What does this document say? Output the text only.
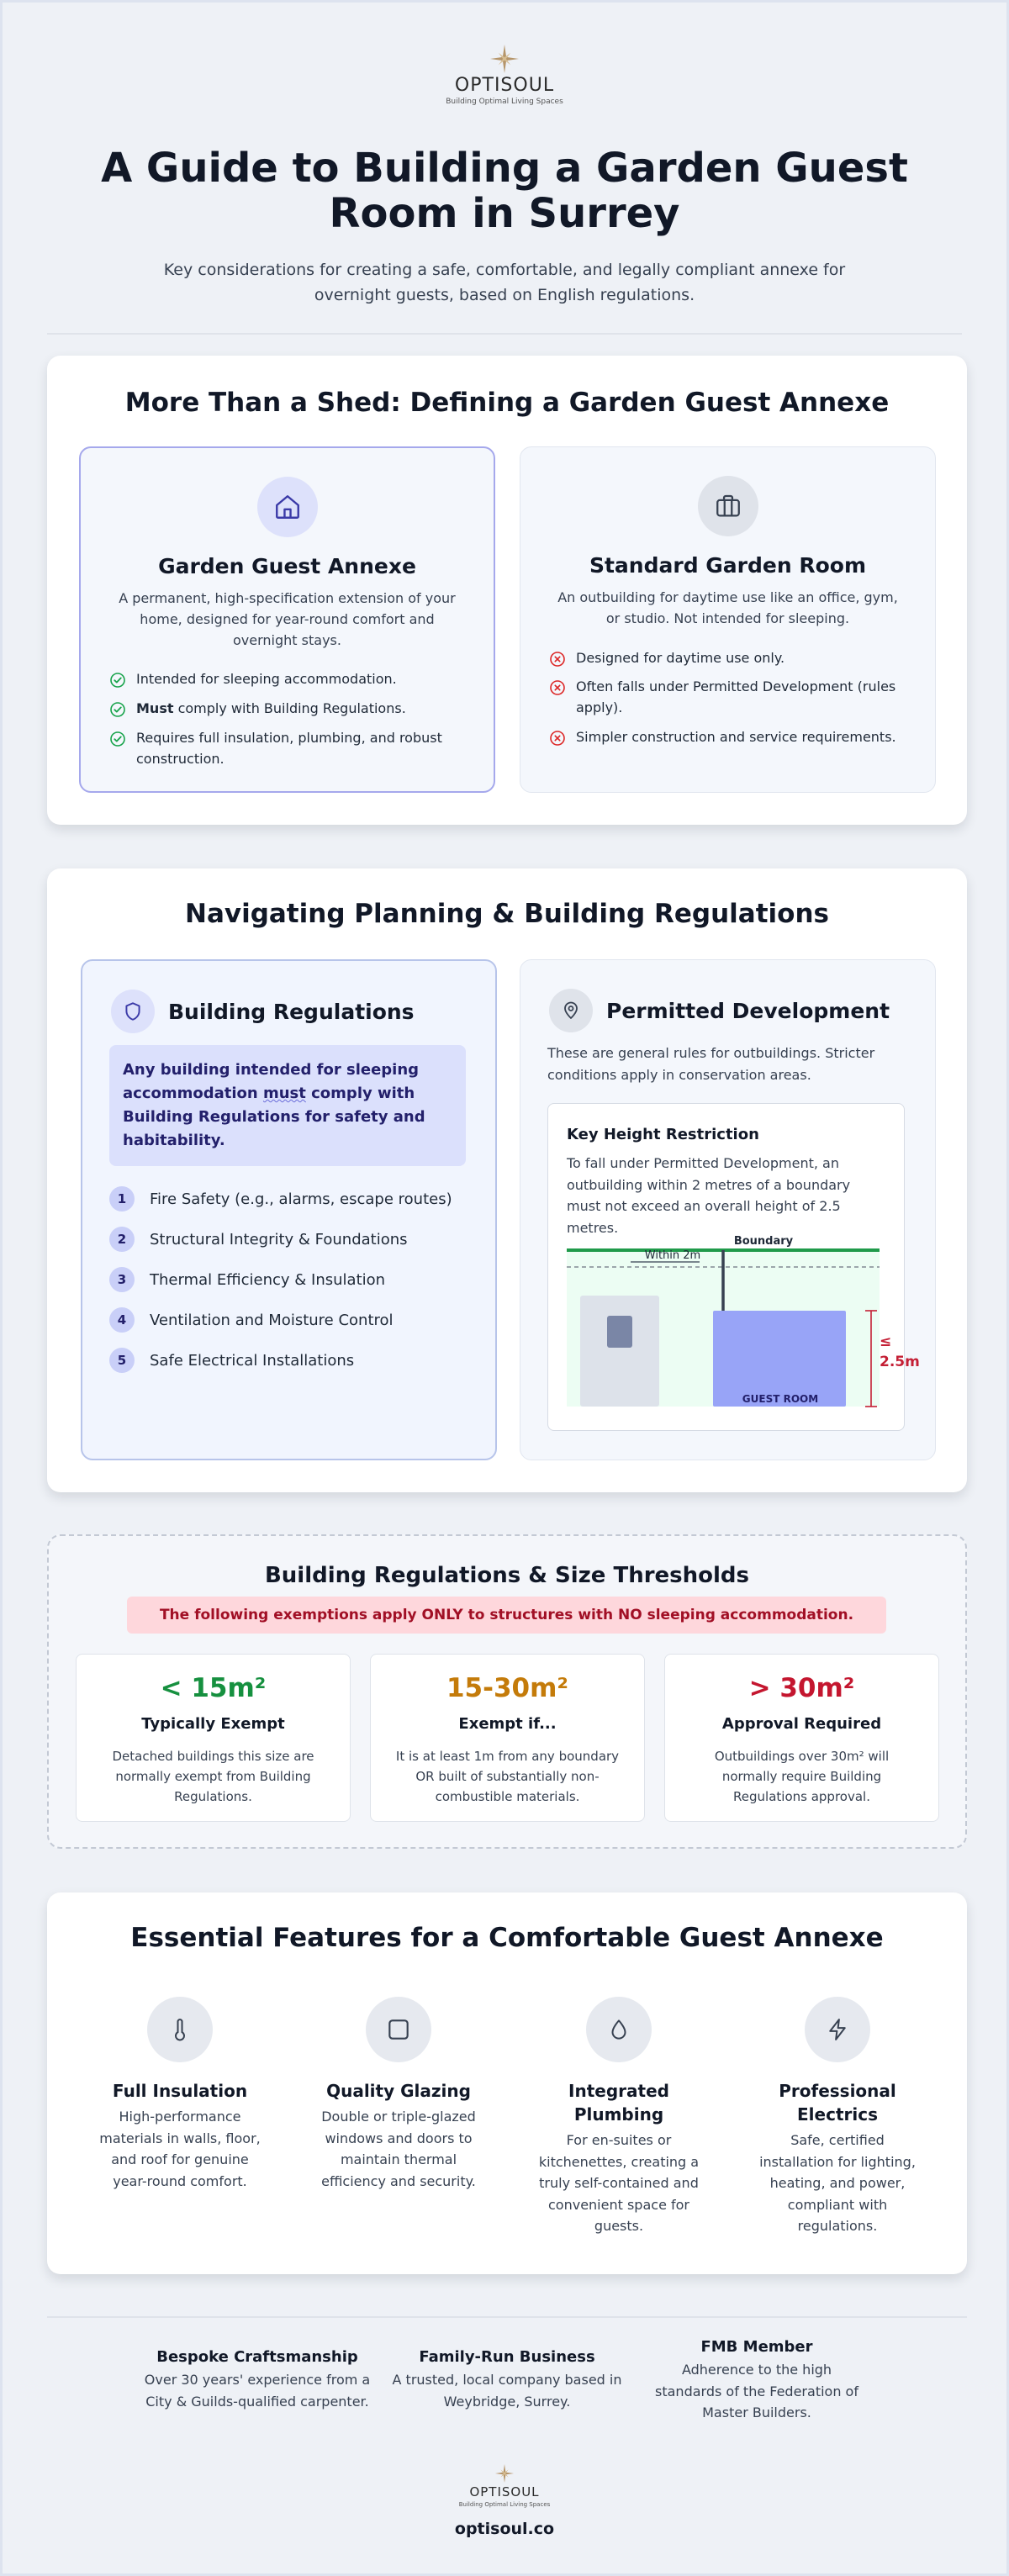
OPTISOUL
Building Optimal Living Spaces
A Guide to Building a Garden Guest Room in Surrey

Key considerations for creating a safe, comfortable, and legally compliant annexe for overnight guests, based on English regulations.

More Than a Shed: Defining a Garden Guest Annexe
Garden Guest Annexe
A permanent, high-specification extension of your home, designed for year-round comfort and overnight stays.
Intended for sleeping accommodation.
Must comply with Building Regulations.
Requires full insulation, plumbing, and robust construction.
Standard Garden Room
An outbuilding for daytime use like an office, gym, or studio. Not intended for sleeping.
Designed for daytime use only.
Often falls under Permitted Development (rules apply).
Simpler construction and service requirements.
Navigating Planning & Building Regulations
Building Regulations
Any building intended for sleeping accommodation must comply with Building Regulations for safety and habitability.
1	Fire Safety (e.g., alarms, escape routes)
2	Structural Integrity & Foundations
3	Thermal Efficiency & Insulation
4	Ventilation and Moisture Control
5	Safe Electrical Installations
Permitted Development

These are general rules for outbuildings. Stricter conditions apply in conservation areas.

Key Height Restriction

To fall under Permitted Development, an outbuilding within 2 metres of a boundary must not exceed an overall height of 2.5 metres.

Boundary
Within 2m
GUEST ROOM
≤
2.5m
Building Regulations & Size Thresholds
The following exemptions apply ONLY to structures with NO sleeping accommodation.
< 15m²
Typically Exempt
Detached buildings this size are normally exempt from Building Regulations.
15-30m²
Exempt if...
It is at least 1m from any boundary OR built of substantially non-combustible materials.
> 30m²
Approval Required
Outbuildings over 30m² will normally require Building Regulations approval.
Essential Features for a Comfortable Guest Annexe
Full Insulation
High-performance materials in walls, floor, and roof for genuine year-round comfort.
Quality Glazing
Double or triple-glazed windows and doors to maintain thermal efficiency and security.
Integrated Plumbing
For en-suites or kitchenettes, creating a truly self-contained and convenient space for guests.
Professional Electrics
Safe, certified installation for lighting, heating, and power, compliant with regulations.
Bespoke Craftsmanship
Over 30 years' experience from a City & Guilds-qualified carpenter.
Family-Run Business
A trusted, local company based in Weybridge, Surrey.
FMB Member
Adherence to the high standards of the Federation of Master Builders.
OPTISOUL
Building Optimal Living Spaces
optisoul.co
